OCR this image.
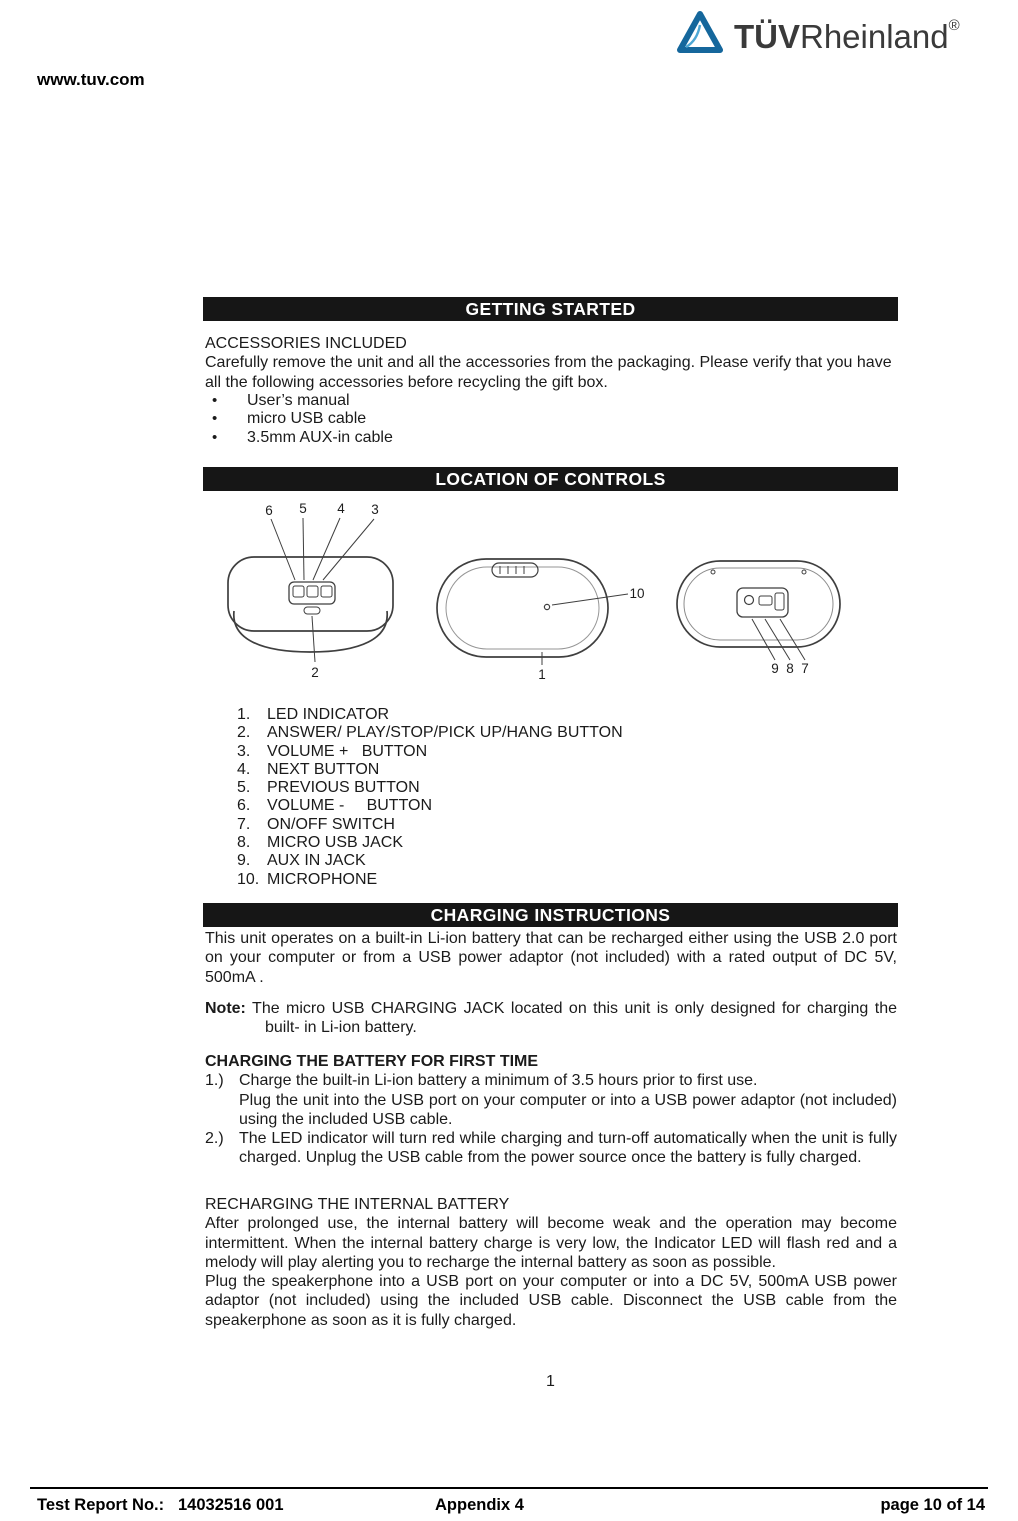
www.tuv.com
TÜVRheinland®
GETTING STARTED

ACCESSORIES INCLUDED

Carefully remove the unit and all the accessories from the packaging. Please verify that you have all the following accessories before recycling the gift box.

• User’s manual
• micro USB cable
• 3.5mm AUX-in cable
LOCATION OF CONTROLS
6 5 4 3
2
10
1	9 8 7
1. LED INDICATOR
2. ANSWER/ PLAY/STOP/PICK UP/HANG BUTTON
3. VOLUME +   BUTTON
4. NEXT BUTTON
5. PREVIOUS BUTTON
6. VOLUME -     BUTTON
7. ON/OFF SWITCH
8. MICRO USB JACK
9. AUX IN JACK
10. MICROPHONE
CHARGING INSTRUCTIONS
This unit operates on a built-in Li-ion battery that can be recharged either using the USB 2.0 port on your computer or from a USB power adaptor (not included) with a rated output of DC 5V, 500mA .
Note: The micro USB CHARGING JACK located on this unit is only designed for charging the built- in Li-ion battery.
CHARGING THE BATTERY FOR FIRST TIME
1.) Charge the built-in Li-ion battery a minimum of 3.5 hours prior to first use.
Plug the unit into the USB port on your computer or into a USB power adaptor (not included) using the included USB cable.
2.) The LED indicator will turn red while charging and turn-off automatically when the unit is fully charged. Unplug the USB cable from the power source once the battery is fully charged.
RECHARGING THE INTERNAL BATTERY

After prolonged use, the internal battery will become weak and the operation may become intermittent. When the internal battery charge is very low, the Indicator LED will flash red and a melody will play alerting you to recharge the internal battery as soon as possible.

Plug the speakerphone into a USB port on your computer or into a DC 5V, 500mA USB power adaptor (not included) using the included USB cable. Disconnect the USB cable from the speakerphone as soon as it is fully charged.

1
Test Report No.: 14032516 001	Appendix 4	page 10 of 14
